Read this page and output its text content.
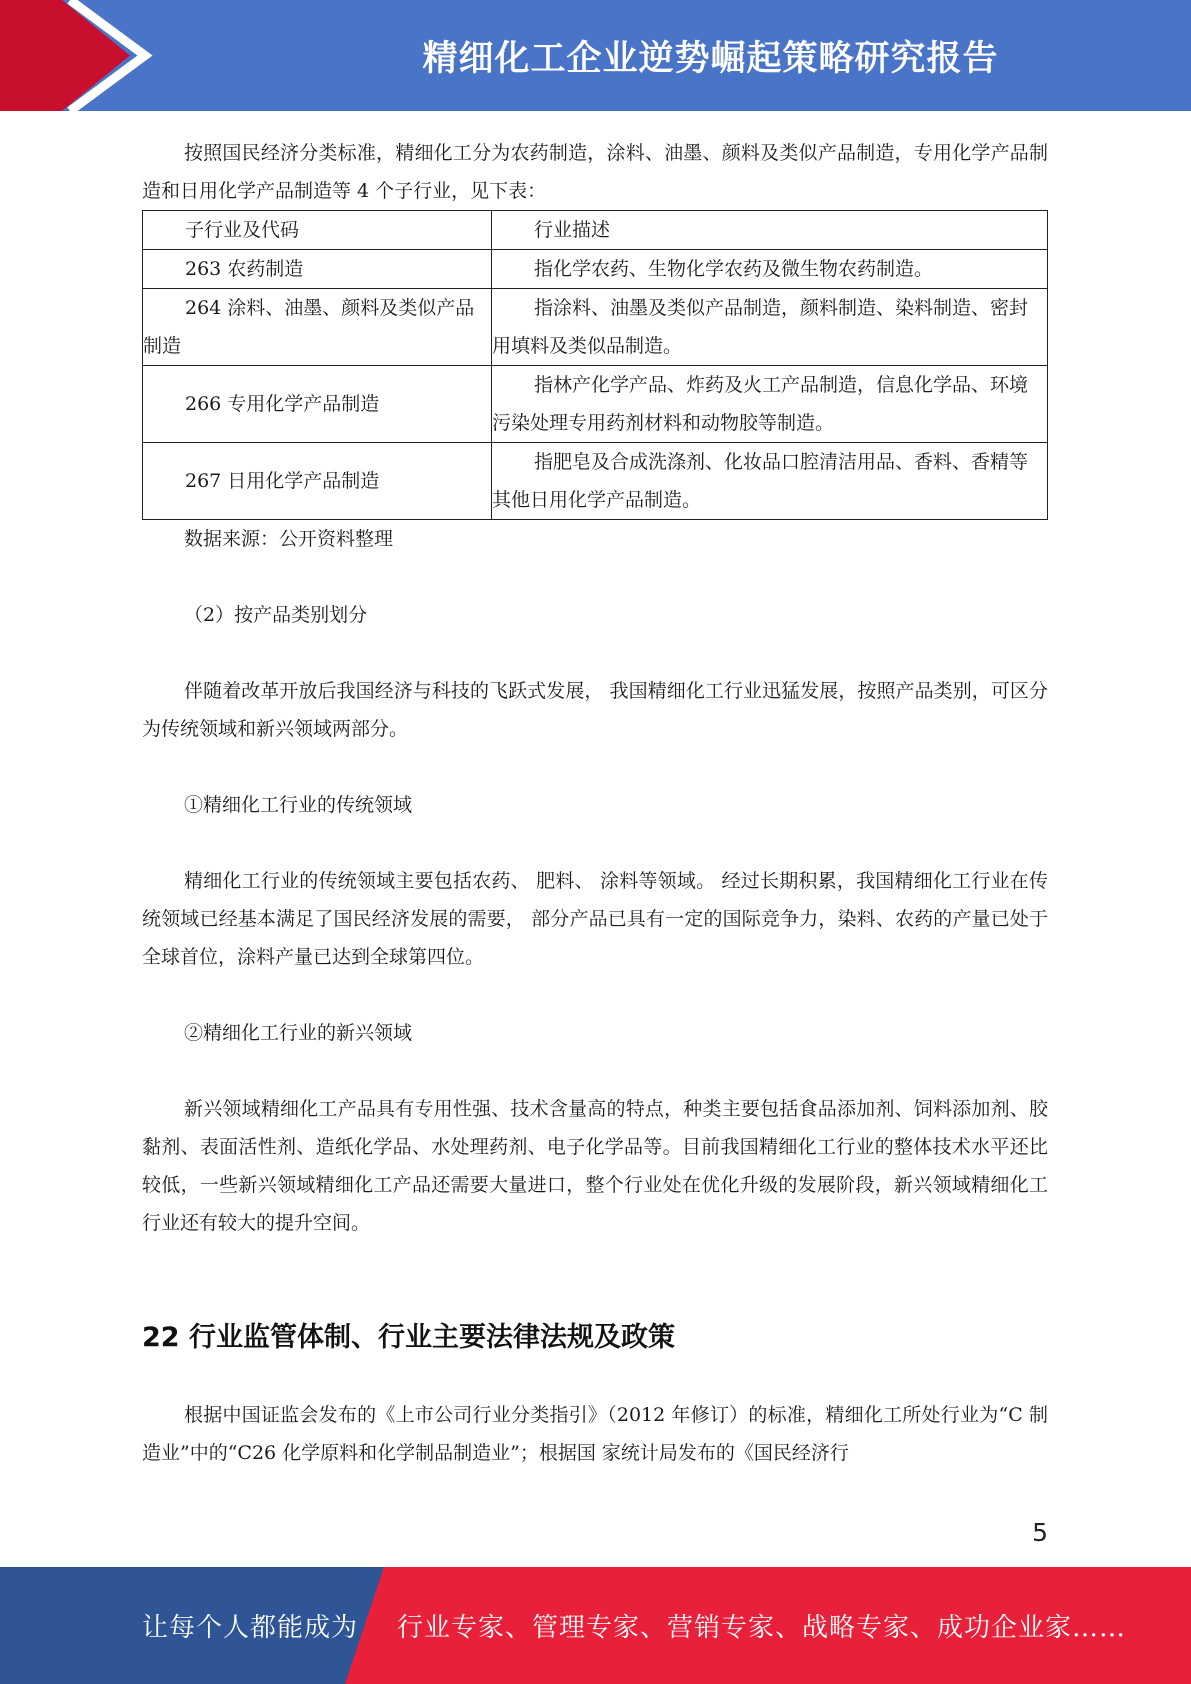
精细化工企业逆势崛起策略研究报告

按照国民经济分类标准，精细化工分为农药制造，涂料、油墨、颜料及类似产品制造，专用化学产品制造和日用化学产品制造等 4 个子行业，见下表：

子行业及代码	行业描述
263 农药制造	指化学农药、生物化学农药及微生物农药制造。
264 涂料、油墨、颜料及类似产品制造	指涂料、油墨及类似产品制造，颜料制造、染料制造、密封用填料及类似品制造。
266 专用化学产品制造	指林产化学产品、炸药及火工产品制造，信息化学品、环境污染处理专用药剂材料和动物胶等制造。
267 日用化学产品制造	指肥皂及合成洗涤剂、化妆品口腔清洁用品、香料、香精等其他日用化学产品制造。

数据来源：公开资料整理

（2）按产品类别划分

伴随着改革开放后我国经济与科技的飞跃式发展， 我国精细化工行业迅猛发展，按照产品类别，可区分为传统领域和新兴领域两部分。

①精细化工行业的传统领域

精细化工行业的传统领域主要包括农药、 肥料、 涂料等领域。 经过长期积累，我国精细化工行业在传统领域已经基本满足了国民经济发展的需要， 部分产品已具有一定的国际竞争力，染料、农药的产量已处于全球首位，涂料产量已达到全球第四位。

②精细化工行业的新兴领域

新兴领域精细化工产品具有专用性强、技术含量高的特点，种类主要包括食品添加剂、饲料添加剂、胶黏剂、表面活性剂、造纸化学品、水处理药剂、电子化学品等。目前我国精细化工行业的整体技术水平还比较低，一些新兴领域精细化工产品还需要大量进口，整个行业处在优化升级的发展阶段，新兴领域精细化工行业还有较大的提升空间。

22 行业监管体制、行业主要法律法规及政策

根据中国证监会发布的《上市公司行业分类指引》（2012 年修订）的标准，精细化工所处行业为“C 制造业”中的“C26 化学原料和化学制品制造业”；根据国 家统计局发布的《国民经济行

5
让每个人都能成为 行业专家、管理专家、营销专家、战略专家、成功企业家……
